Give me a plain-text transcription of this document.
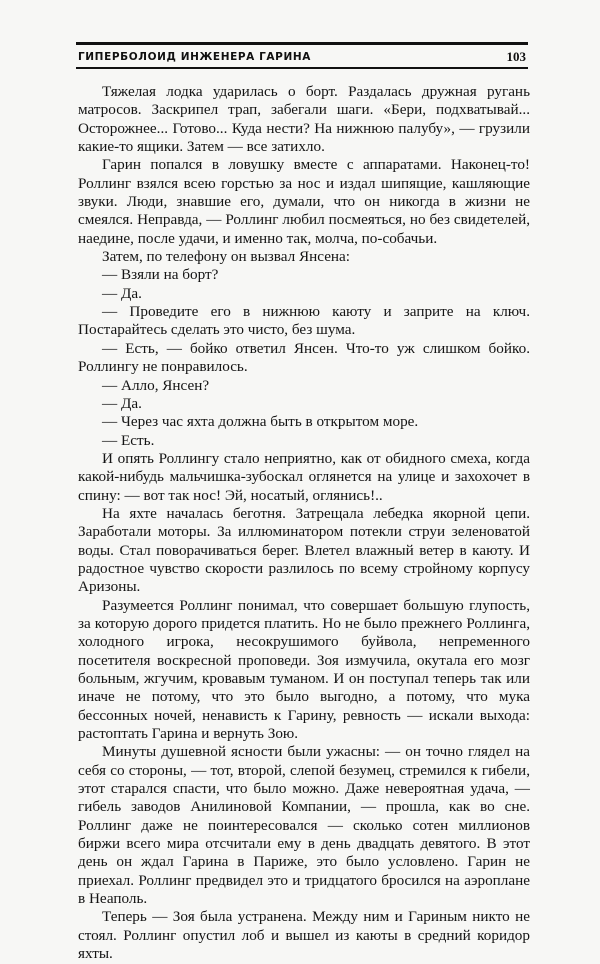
ГИПЕРБОЛОИД ИНЖЕНЕРА ГАРИНА	103

Тяжелая лодка ударилась о борт. Раздалась дружная ругань матросов. Заскрипел трап, забегали шаги. «Бери, подхватывай... Осторожнее... Готово... Куда нести? На нижнюю палубу», — грузили какие-то ящики. Затем — все затихло.

Гарин попался в ловушку вместе с аппаратами. Наконец-то! Роллинг взялся всею горстью за нос и издал шипящие, кашляющие звуки. Люди, знавшие его, думали, что он никогда в жизни не смеялся. Неправда, — Роллинг любил посмеяться, но без свидетелей, наедине, после удачи, и именно так, молча, по-собачьи.

Затем, по телефону он вызвал Янсена:

— Взяли на борт?

— Да.

— Проведите его в нижнюю каюту и заприте на ключ. Постарайтесь сделать это чисто, без шума.

— Есть, — бойко ответил Янсен. Что-то уж слишком бойко. Роллингу не понравилось.

— Алло, Янсен?

— Да.

— Через час яхта должна быть в открытом море.

— Есть.

И опять Роллингу стало неприятно, как от обидного смеха, когда какой-нибудь мальчишка-зубоскал оглянется на улице и захохочет в спину: — вот так нос! Эй, носатый, оглянись!..

На яхте началась беготня. Затрещала лебедка якорной цепи. Заработали моторы. За иллюминатором потекли струи зеленоватой воды. Стал поворачиваться берег. Влетел влажный ветер в каюту. И радостное чувство скорости разлилось по всему стройному корпусу Аризоны.

Разумеется Роллинг понимал, что совершает большую глупость, за которую дорого придется платить. Но не было прежнего Роллинга, холодного игрока, несокрушимого буйвола, непременного посетителя воскресной проповеди. Зоя измучила, окутала его мозг больным, жгучим, кровавым туманом. И он поступал теперь так или иначе не потому, что это было выгодно, а потому, что мука бессонных ночей, ненависть к Гарину, ревность — искали выхода: растоптать Гарина и вернуть Зою.

Минуты душевной ясности были ужасны: — он точно глядел на себя со стороны, — тот, второй, слепой безумец, стремился к гибели, этот старался спасти, что было можно. Даже невероятная удача, — гибель заводов Анилиновой Компании, — прошла, как во сне. Роллинг даже не поинтересовался — сколько сотен миллионов биржи всего мира отсчитали ему в день двадцать девятого. В этот день он ждал Гарина в Париже, это было условлено. Гарин не приехал. Роллинг предвидел это и тридцатого бросился на аэроплане в Неаполь.

Теперь — Зоя была устранена. Между ним и Гариным никто не стоял. Роллинг опустил лоб и вышел из каюты в средний коридор яхты.
